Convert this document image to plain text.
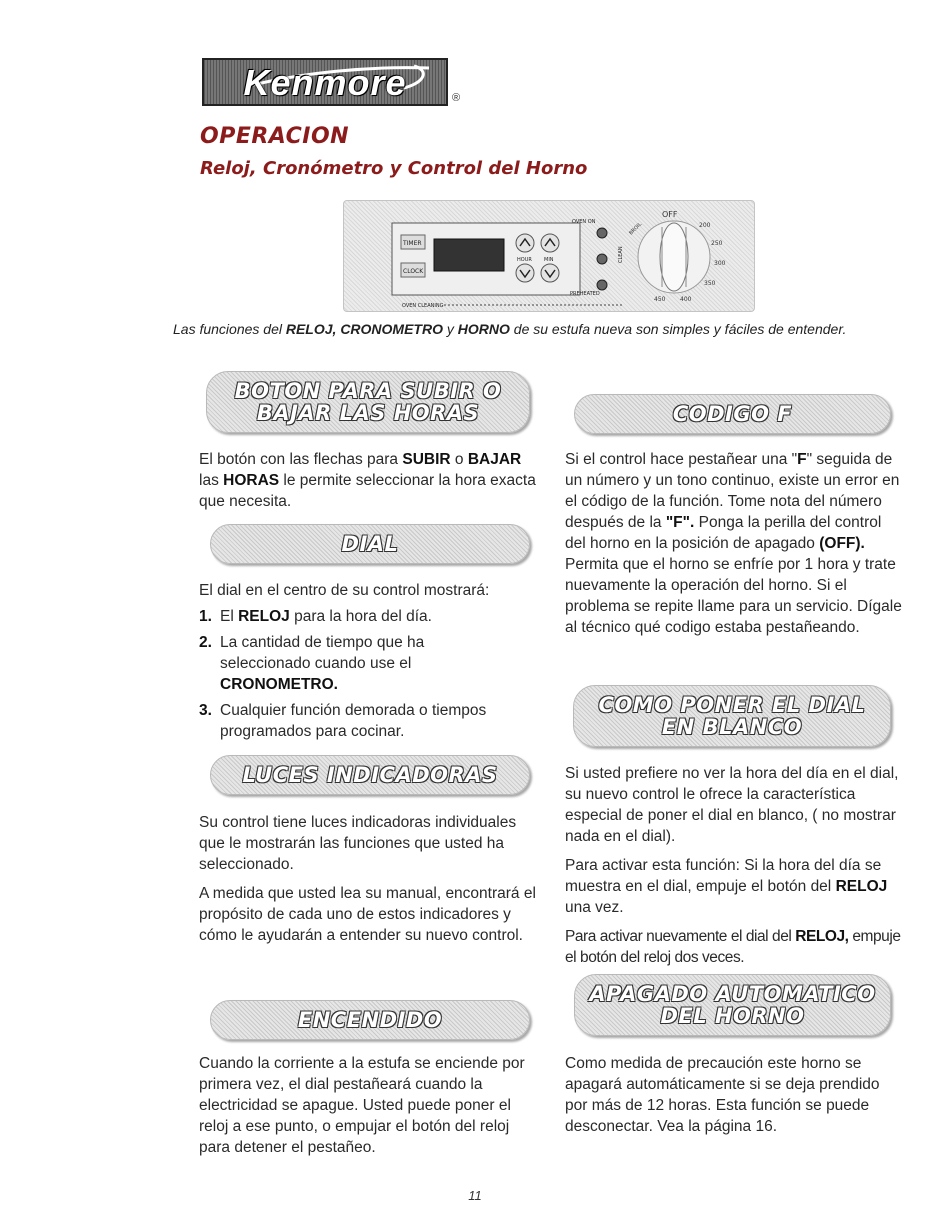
Kenmore	®
OPERACION
Reloj, Cronómetro y Control del Horno
TIMER
CLOCK
HOUR MIN
OVEN ON
CLEAN
PREHEATED
OFF
BROIL	200
250
300
350
400
450
OVEN CLEANING
Las funciones del RELOJ, CRONOMETRO y HORNO de su estufa nueva son simples y fáciles de entender.
BOTON PARA SUBIR O
BAJAR LAS HORAS

El botón con las flechas para SUBIR o BAJAR las HORAS le permite seleccionar la hora exacta que necesita.

DIAL

El dial en el centro de su control mostrará:

1. El RELOJ para la hora del día.
2. La cantidad de tiempo que ha seleccionado cuando use el CRONOMETRO.
3. Cualquier función demorada o tiempos programados para cocinar.
LUCES INDICADORAS

Su control tiene luces indicadoras individuales que le mostrarán las funciones que usted ha seleccionado.

A medida que usted lea su manual, encontrará el propósito de cada uno de estos indicadores y cómo le ayudarán a entender su nuevo control.

ENCENDIDO

Cuando la corriente a la estufa se enciende por primera vez, el dial pestañeará cuando la electricidad se apague. Usted puede poner el reloj a ese punto, o empujar el botón del reloj para detener el pestañeo.

CODIGO F

Si el control hace pestañear una "F" seguida de un número y un tono continuo, existe un error en el código de la función. Tome nota del número después de la "F". Ponga la perilla del control del horno en la posición de apagado (OFF). Permita que el horno se enfríe por 1 hora y trate nuevamente la operación del horno. Si el problema se repite llame para un servicio. Dígale al técnico qué codigo estaba pestañeando.

COMO PONER EL DIAL
EN BLANCO

Si usted prefiere no ver la hora del día en el dial, su nuevo control le ofrece la característica especial de poner el dial en blanco, ( no mostrar nada en el dial).

Para activar esta función: Si la hora del día se muestra en el dial, empuje el botón del RELOJ una vez.

Para activar nuevamente el dial del RELOJ, empuje el botón del reloj dos veces.

APAGADO AUTOMATICO
DEL HORNO

Como medida de precaución este horno se apagará automáticamente si se deja prendido por más de 12 horas. Esta función se puede desconectar. Vea la página 16.

11
